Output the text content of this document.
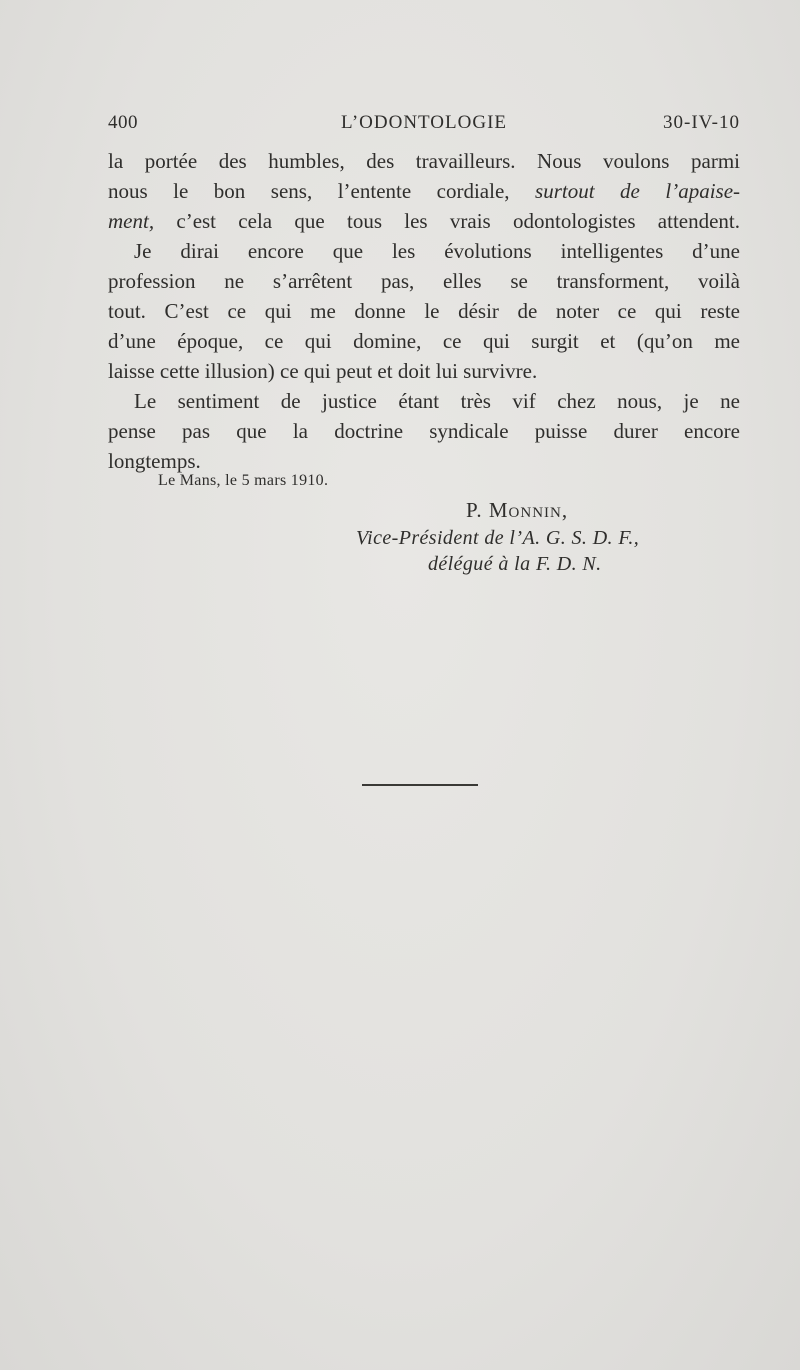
400	L’ODONTOLOGIE	30-IV-10
la portée des humbles, des travailleurs. Nous voulons parmi
nous le bon sens, l’entente cordiale, surtout de l’apaise-
ment, c’est cela que tous les vrais odontologistes attendent.
Je dirai encore que les évolutions intelligentes d’une
profession ne s’arrêtent pas, elles se transforment, voilà
tout. C’est ce qui me donne le désir de noter ce qui reste
d’une époque, ce qui domine, ce qui surgit et (qu’on me
laisse cette illusion) ce qui peut et doit lui survivre.
Le sentiment de justice étant très vif chez nous, je ne
pense pas que la doctrine syndicale puisse durer encore
longtemps.
Le Mans, le 5 mars 1910.
P. Monnin,
Vice-Président de l’A. G. S. D. F.,
délégué à la F. D. N.
